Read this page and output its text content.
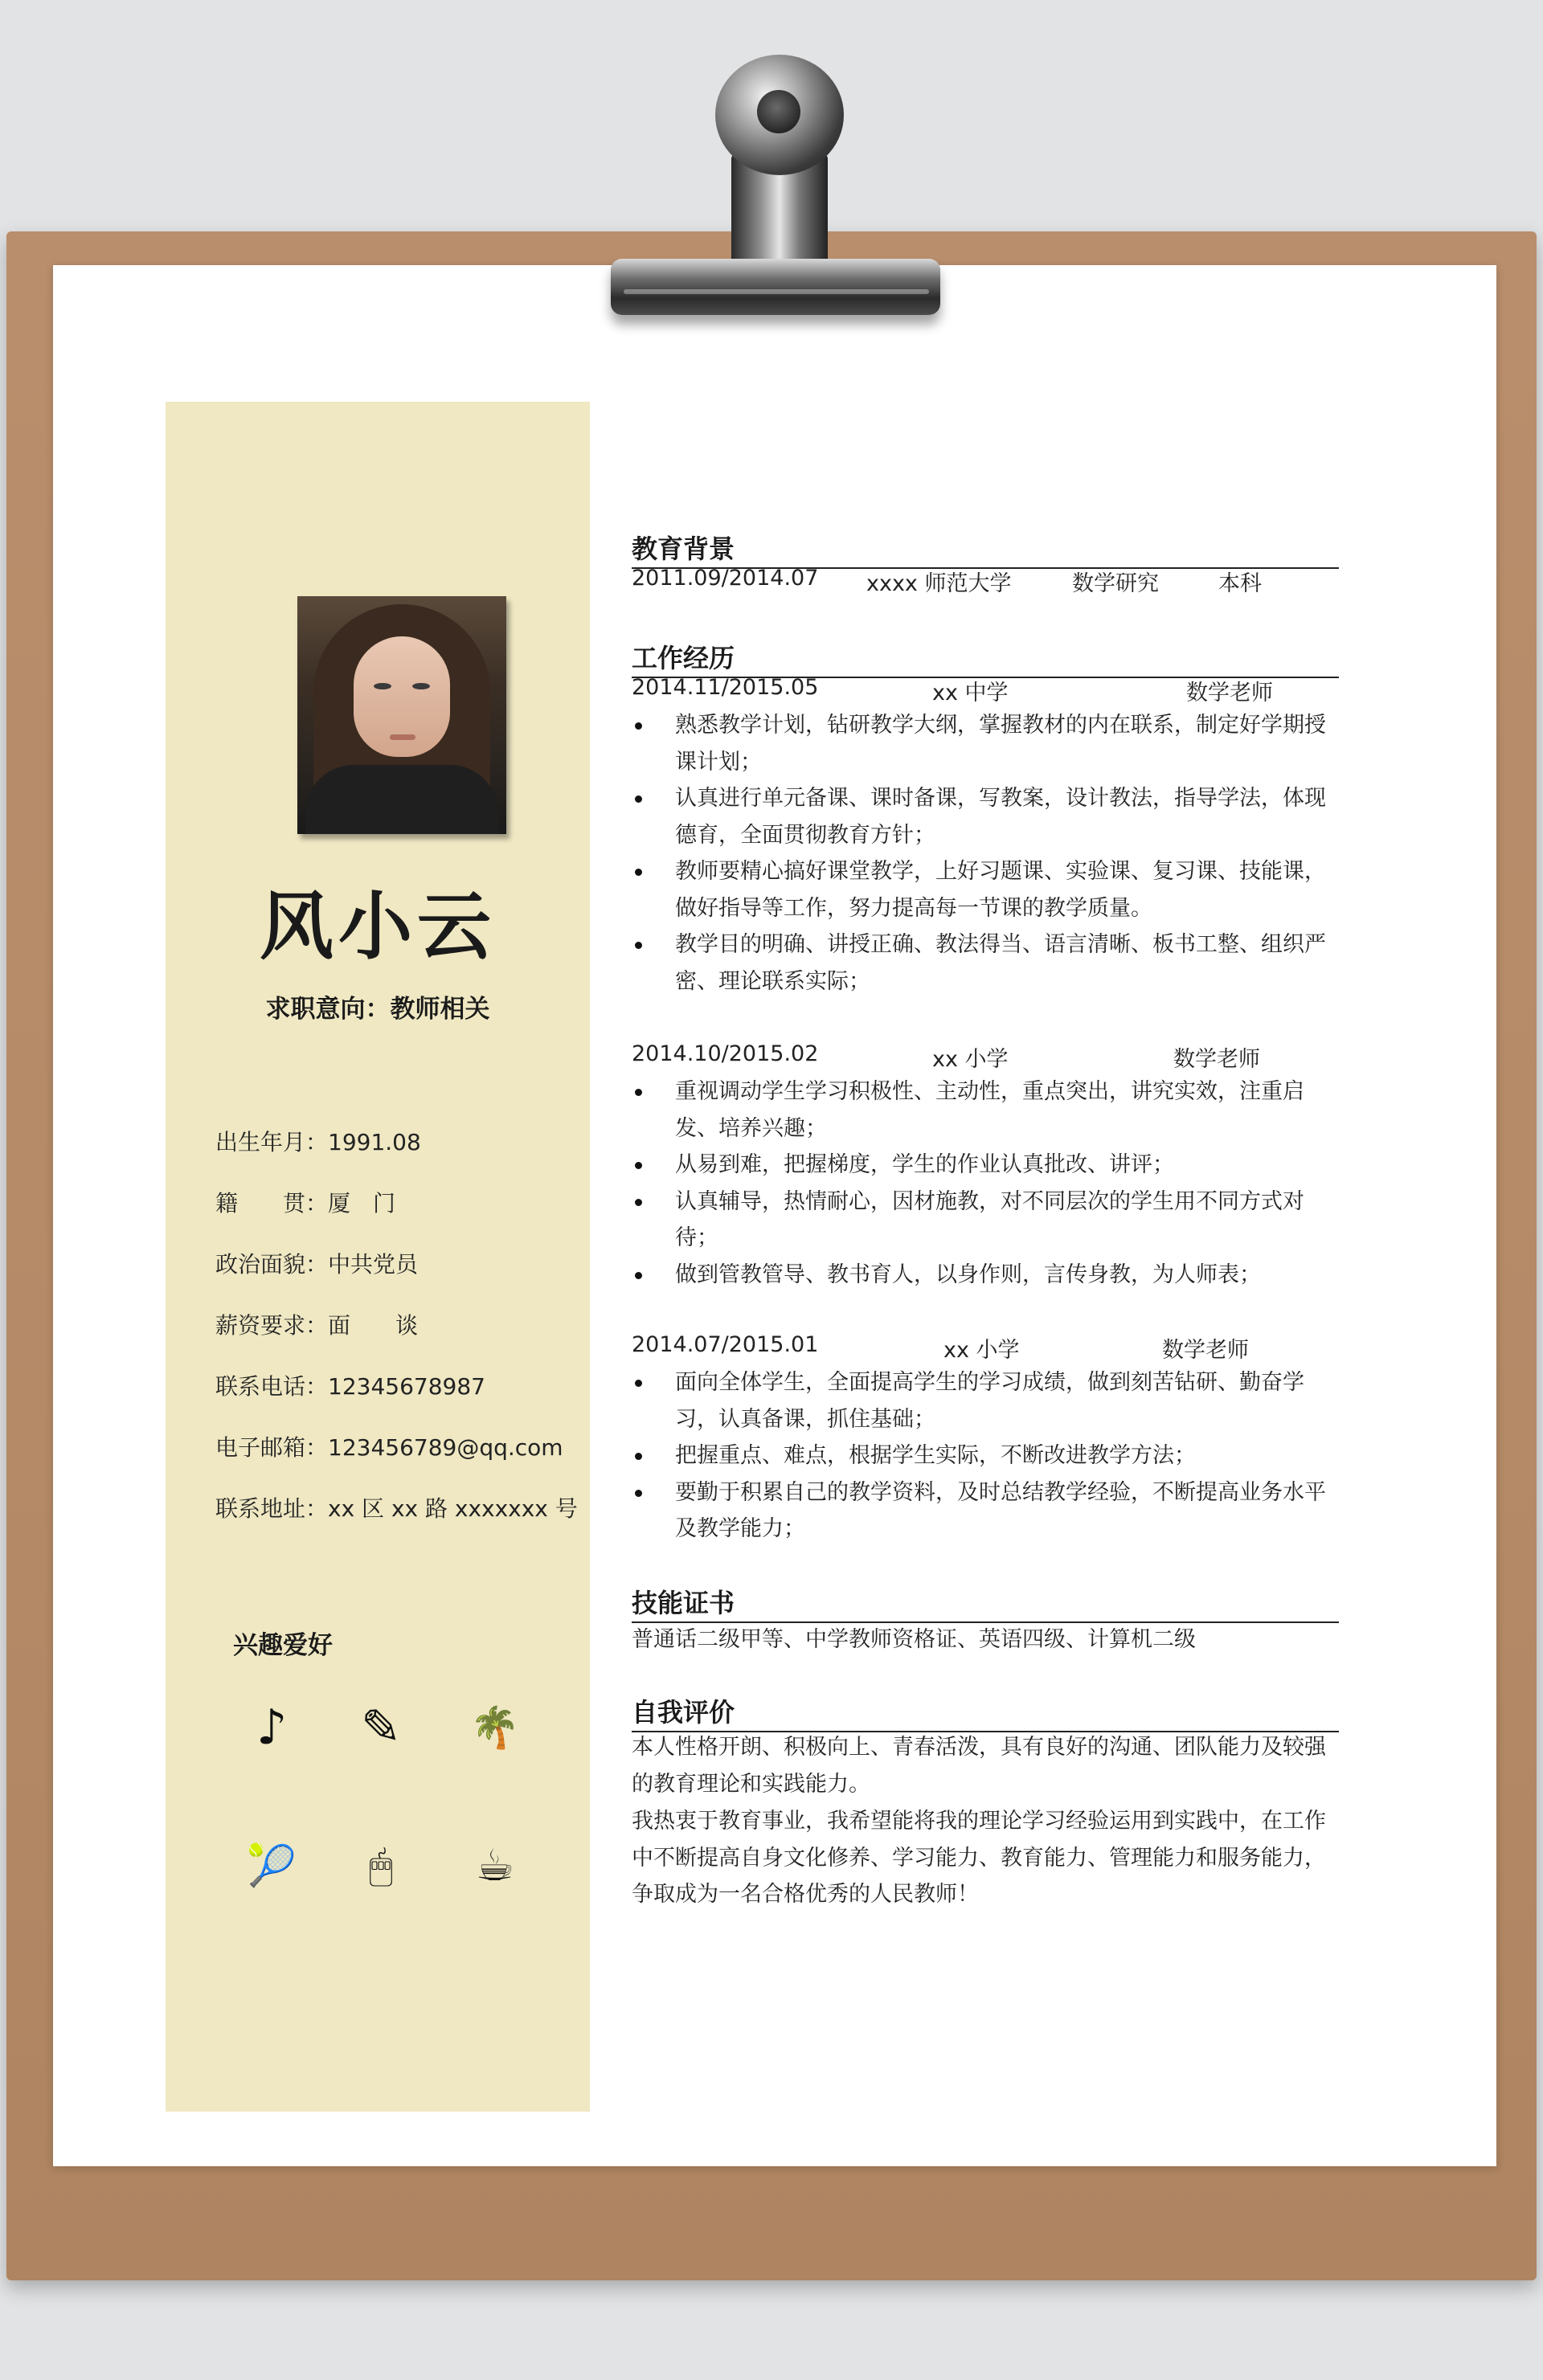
风小云
求职意向：教师相关
出生年月：1991.08
籍　　贯：厦　门
政治面貌：中共党员
薪资要求：面　　谈
联系电话：12345678987
电子邮箱：123456789@qq.com
联系地址：xx 区 xx 路 xxxxxxx 号
兴趣爱好
♪ ✎ 🌴
🎾	🖱	☕
教育背景
2011.09/2014.07 xxxx 师范大学	数学研究	本科
工作经历
2014.11/2015.05	xx 中学	数学老师
熟悉教学计划，钻研教学大纲，掌握教材的内在联系，制定好学期授课计划；
认真进行单元备课、课时备课，写教案，设计教法，指导学法，体现德育，全面贯彻教育方针；
教师要精心搞好课堂教学，上好习题课、实验课、复习课、技能课，做好指导等工作，努力提高每一节课的教学质量。
教学目的明确、讲授正确、教法得当、语言清晰、板书工整、组织严密、理论联系实际；
2014.10/2015.02	xx 小学	数学老师
重视调动学生学习积极性、主动性，重点突出，讲究实效，注重启发、培养兴趣；
从易到难，把握梯度，学生的作业认真批改、讲评；
认真辅导，热情耐心，因材施教，对不同层次的学生用不同方式对待；
做到管教管导、教书育人，以身作则，言传身教，为人师表；
2014.07/2015.01	xx 小学	数学老师
面向全体学生，全面提高学生的学习成绩，做到刻苦钻研、勤奋学习，认真备课，抓住基础；
把握重点、难点，根据学生实际，不断改进教学方法；
要勤于积累自己的教学资料，及时总结教学经验，不断提高业务水平及教学能力；
技能证书
普通话二级甲等、中学教师资格证、英语四级、计算机二级
自我评价
本人性格开朗、积极向上、青春活泼，具有良好的沟通、团队能力及较强的教育理论和实践能力。
我热衷于教育事业，我希望能将我的理论学习经验运用到实践中，在工作中不断提高自身文化修养、学习能力、教育能力、管理能力和服务能力，争取成为一名合格优秀的人民教师！
